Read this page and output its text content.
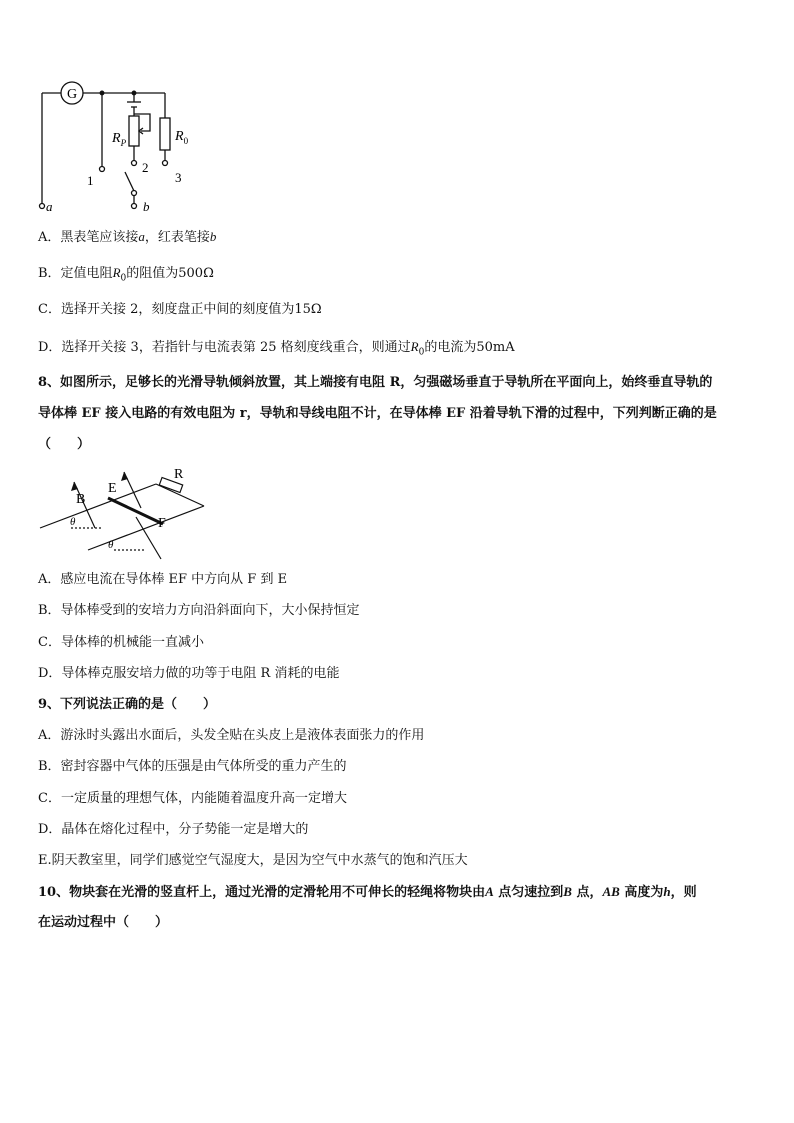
G
$R_P$	$R_0$
1
2
3
a	b
A．黑表笔应该接a，红表笔接b
B．定值电阻$R_0$的阻值为500Ω
C．选择开关接 2，刻度盘正中间的刻度值为15Ω
D．选择开关接 3，若指针与电流表第 25 格刻度线重合，则通过$R_0$的电流为50mA
8、如图所示，足够长的光滑导轨倾斜放置，其上端接有电阻 R，匀强磁场垂直于导轨所在平面向上，始终垂直导轨的
导体棒 EF 接入电路的有效电阻为 r，导轨和导线电阻不计，在导体棒 EF 沿着导轨下滑的过程中，下列判断正确的是
（　　）
B
E
R
F
θ
θ
A．感应电流在导体棒 EF 中方向从 F 到 E
B．导体棒受到的安培力方向沿斜面向下，大小保持恒定
C．导体棒的机械能一直减小
D．导体棒克服安培力做的功等于电阻 R 消耗的电能
9、下列说法正确的是（　　）
A．游泳时头露出水面后，头发全贴在头皮上是液体表面张力的作用
B．密封容器中气体的压强是由气体所受的重力产生的
C．一定质量的理想气体，内能随着温度升高一定增大
D．晶体在熔化过程中，分子势能一定是增大的
E.阴天教室里，同学们感觉空气湿度大，是因为空气中水蒸气的饱和汽压大
10、物块套在光滑的竖直杆上，通过光滑的定滑轮用不可伸长的轻绳将物块由A 点匀速拉到B 点，AB 高度为h，则
在运动过程中（　　）
